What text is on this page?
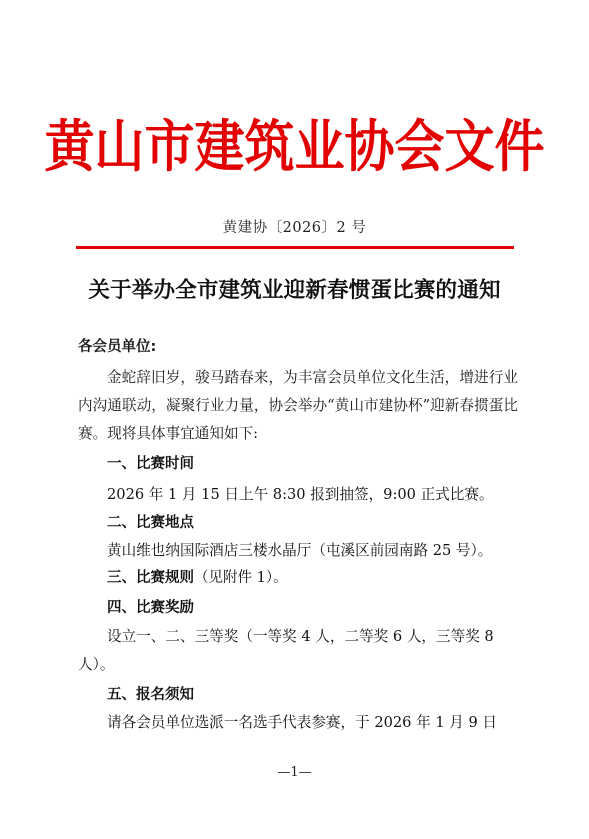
黄山市建筑业协会文件
黄建协〔2026〕2 号
关于举办全市建筑业迎新春惯蛋比赛的通知
各会员单位:
金蛇辞旧岁，骏马踏春来，为丰富会员单位文化生活，增进行业内沟通联动，凝聚行业力量，协会举办“黄山市建协杯”迎新春掼蛋比赛。现将具体事宜通知如下:
一、比赛时间
2026 年 1 月 15 日上午 8:30 报到抽签，9:00 正式比赛。
二、比赛地点
黄山维也纳国际酒店三楼水晶厅（屯溪区前园南路 25 号）。
三、比赛规则（见附件 1）。
四、比赛奖励
设立一、二、三等奖（一等奖 4 人，二等奖 6 人，三等奖 8
人）。
五、报名须知
请各会员单位选派一名选手代表参赛，于 2026 年 1 月 9 日
—1—
